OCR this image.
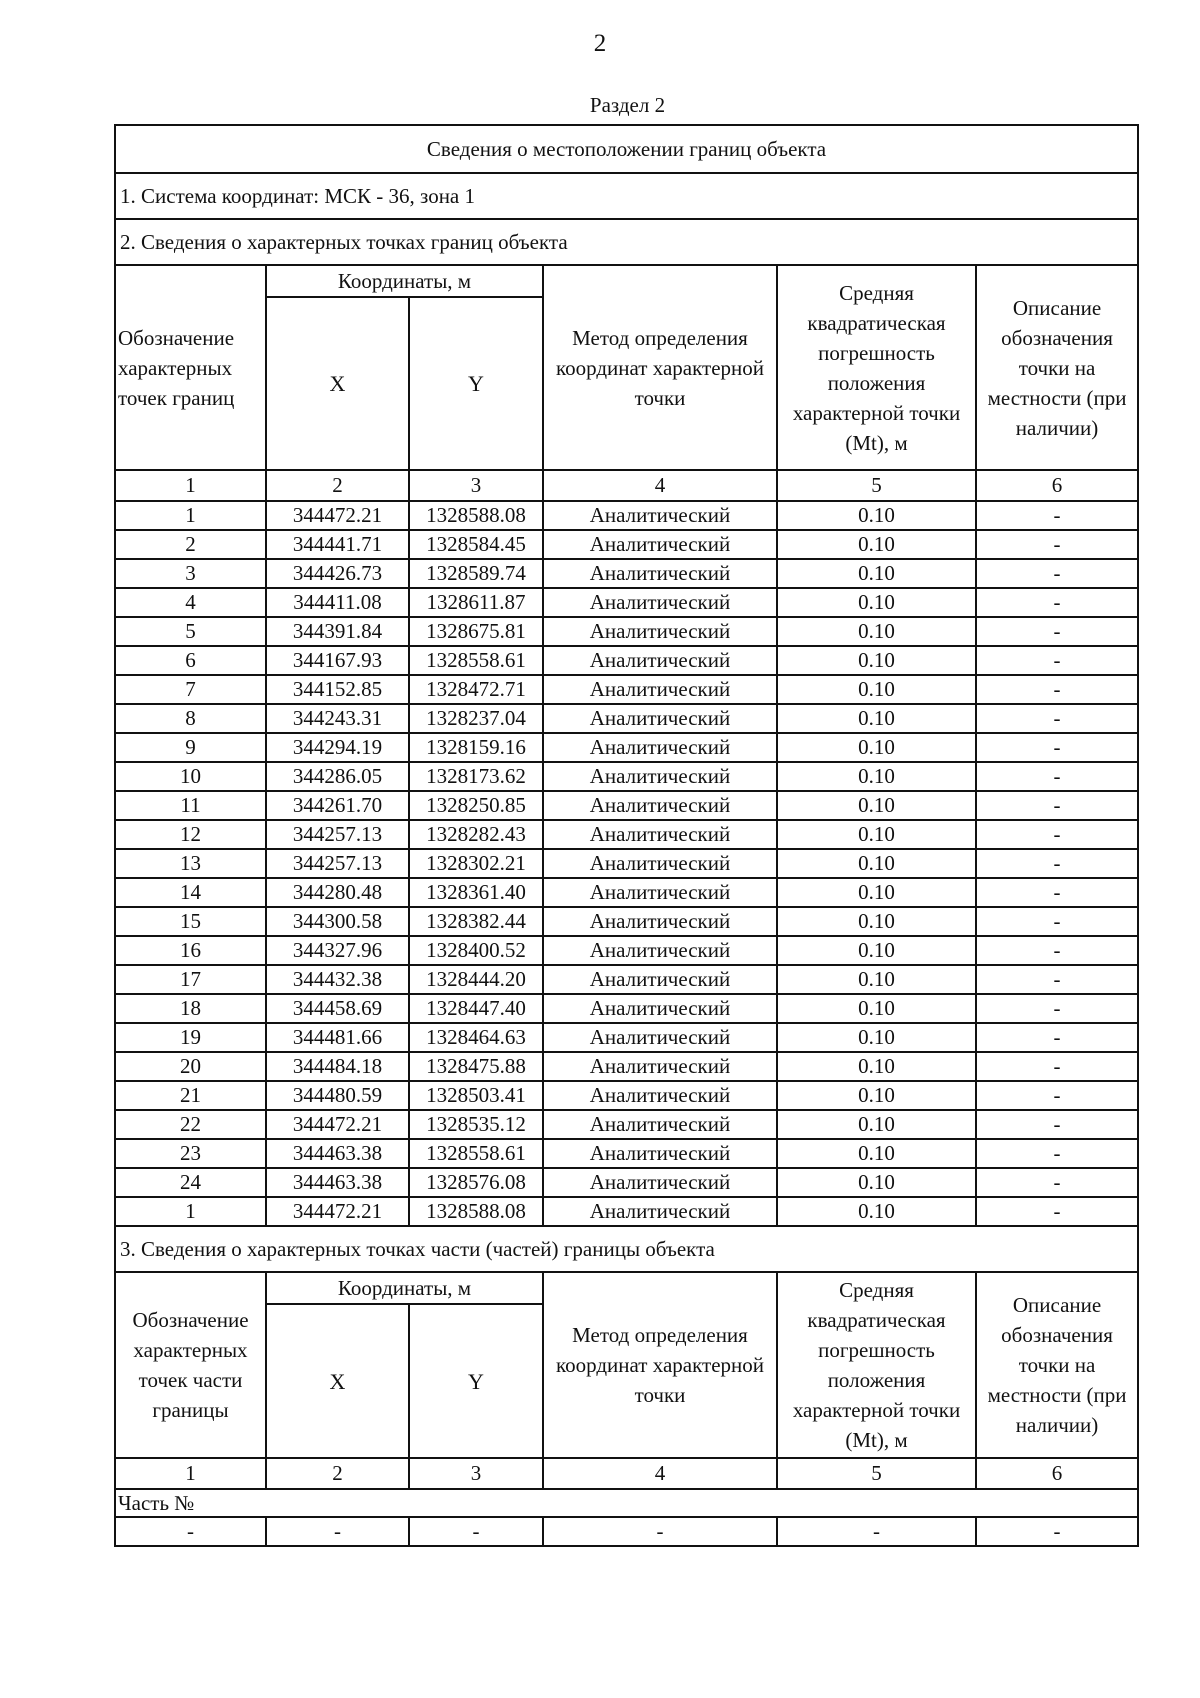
2
Раздел 2
Сведения о местоположении границ объекта					
1. Система координат: МСК - 36, зона 1					
2. Сведения о характерных точках границ объекта					
Обозначение характерных точек границ	Координаты, м		Метод определения координат характерной точки	Средняя квадратическая погрешность положения характерной точки (Mt), м	Описание обозначения точки на местности (при наличии)
	X	Y			
1	2	3	4	5	6
1	344472.21	1328588.08	Аналитический	0.10	-
2	344441.71	1328584.45	Аналитический	0.10	-
3	344426.73	1328589.74	Аналитический	0.10	-
4	344411.08	1328611.87	Аналитический	0.10	-
5	344391.84	1328675.81	Аналитический	0.10	-
6	344167.93	1328558.61	Аналитический	0.10	-
7	344152.85	1328472.71	Аналитический	0.10	-
8	344243.31	1328237.04	Аналитический	0.10	-
9	344294.19	1328159.16	Аналитический	0.10	-
10	344286.05	1328173.62	Аналитический	0.10	-
11	344261.70	1328250.85	Аналитический	0.10	-
12	344257.13	1328282.43	Аналитический	0.10	-
13	344257.13	1328302.21	Аналитический	0.10	-
14	344280.48	1328361.40	Аналитический	0.10	-
15	344300.58	1328382.44	Аналитический	0.10	-
16	344327.96	1328400.52	Аналитический	0.10	-
17	344432.38	1328444.20	Аналитический	0.10	-
18	344458.69	1328447.40	Аналитический	0.10	-
19	344481.66	1328464.63	Аналитический	0.10	-
20	344484.18	1328475.88	Аналитический	0.10	-
21	344480.59	1328503.41	Аналитический	0.10	-
22	344472.21	1328535.12	Аналитический	0.10	-
23	344463.38	1328558.61	Аналитический	0.10	-
24	344463.38	1328576.08	Аналитический	0.10	-
1	344472.21	1328588.08	Аналитический	0.10	-
3. Сведения о характерных точках части (частей) границы объекта					
Обозначение характерных точек части границы	Координаты, м		Метод определения координат характерной точки	Средняя квадратическая погрешность положения характерной точки (Mt), м	Описание обозначения точки на местности (при наличии)
	X	Y			
1	2	3	4	5	6
Часть №					
-	-	-	-	-	-
